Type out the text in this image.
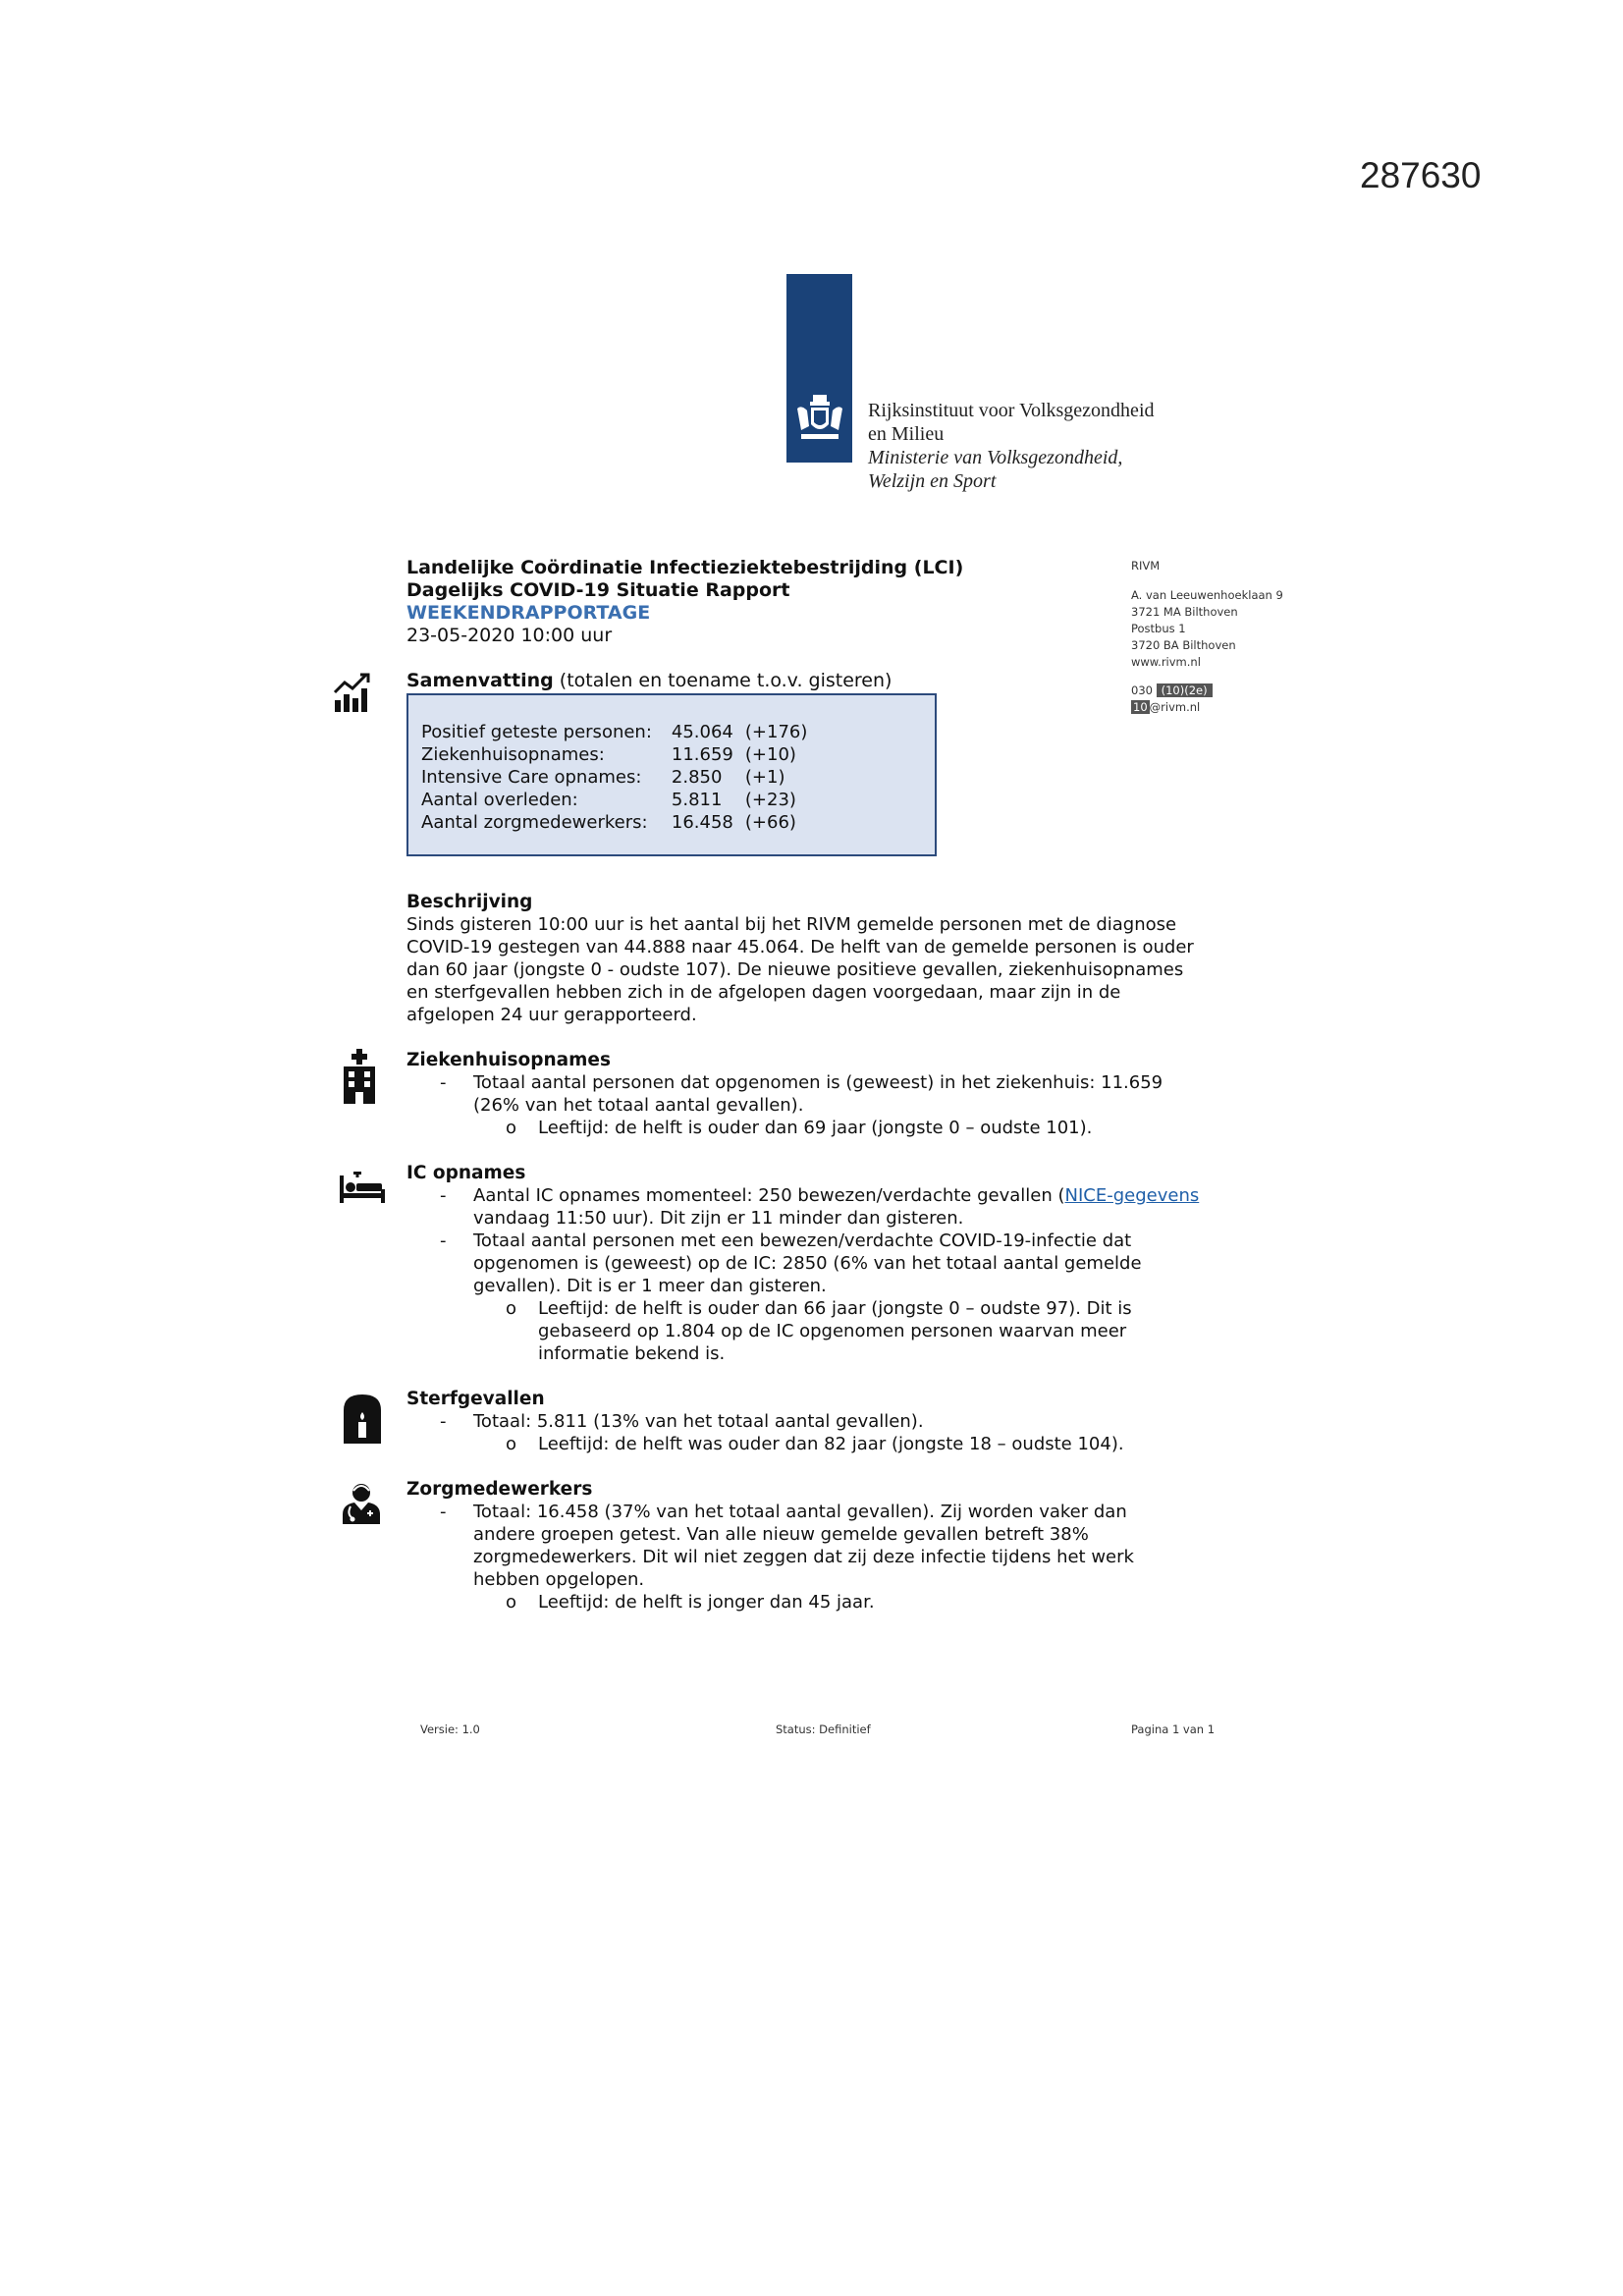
287630
Rijksinstituut voor Volksgezondheid
en Milieu
Ministerie van Volksgezondheid,
Welzijn en Sport
Landelijke Coördinatie Infectieziektebestrijding (LCI)
Dagelijks COVID-19 Situatie Rapport
WEEKENDRAPPORTAGE
23-05-2020 10:00 uur
RIVM
A. van Leeuwenhoeklaan 9
3721 MA Bilthoven
Postbus 1
3720 BA Bilthoven
www.rivm.nl
030 (10)(2e)
10 @rivm.nl
Samenvatting (totalen en toename t.o.v. gisteren)
Positief geteste personen:	45.064	(+176)
Ziekenhuisopnames:	11.659	(+10)
Intensive Care opnames:	2.850	(+1)
Aantal overleden:	5.811	(+23)
Aantal zorgmedewerkers:	16.458	(+66)
Beschrijving
Sinds gisteren 10:00 uur is het aantal bij het RIVM gemelde personen met de diagnose
COVID-19 gestegen van 44.888 naar 45.064. De helft van de gemelde personen is ouder
dan 60 jaar (jongste 0 - oudste 107). De nieuwe positieve gevallen, ziekenhuisopnames
en sterfgevallen hebben zich in de afgelopen dagen voorgedaan, maar zijn in de
afgelopen 24 uur gerapporteerd.
Ziekenhuisopnames
- Totaal aantal personen dat opgenomen is (geweest) in het ziekenhuis: 11.659
(26% van het totaal aantal gevallen).
o Leeftijd: de helft is ouder dan 69 jaar (jongste 0 – oudste 101).
IC opnames
- Aantal IC opnames momenteel: 250 bewezen/verdachte gevallen (NICE-gegevens
vandaag 11:50 uur). Dit zijn er 11 minder dan gisteren.
- Totaal aantal personen met een bewezen/verdachte COVID-19-infectie dat
opgenomen is (geweest) op de IC: 2850 (6% van het totaal aantal gemelde
gevallen). Dit is er 1 meer dan gisteren.
o Leeftijd: de helft is ouder dan 66 jaar (jongste 0 – oudste 97). Dit is
gebaseerd op 1.804 op de IC opgenomen personen waarvan meer
informatie bekend is.
Sterfgevallen
- Totaal: 5.811 (13% van het totaal aantal gevallen).
o Leeftijd: de helft was ouder dan 82 jaar (jongste 18 – oudste 104).
Zorgmedewerkers
- Totaal: 16.458 (37% van het totaal aantal gevallen). Zij worden vaker dan
andere groepen getest. Van alle nieuw gemelde gevallen betreft 38%
zorgmedewerkers. Dit wil niet zeggen dat zij deze infectie tijdens het werk
hebben opgelopen.
o Leeftijd: de helft is jonger dan 45 jaar.
Versie: 1.0	Status: Definitief	Pagina 1 van 1
